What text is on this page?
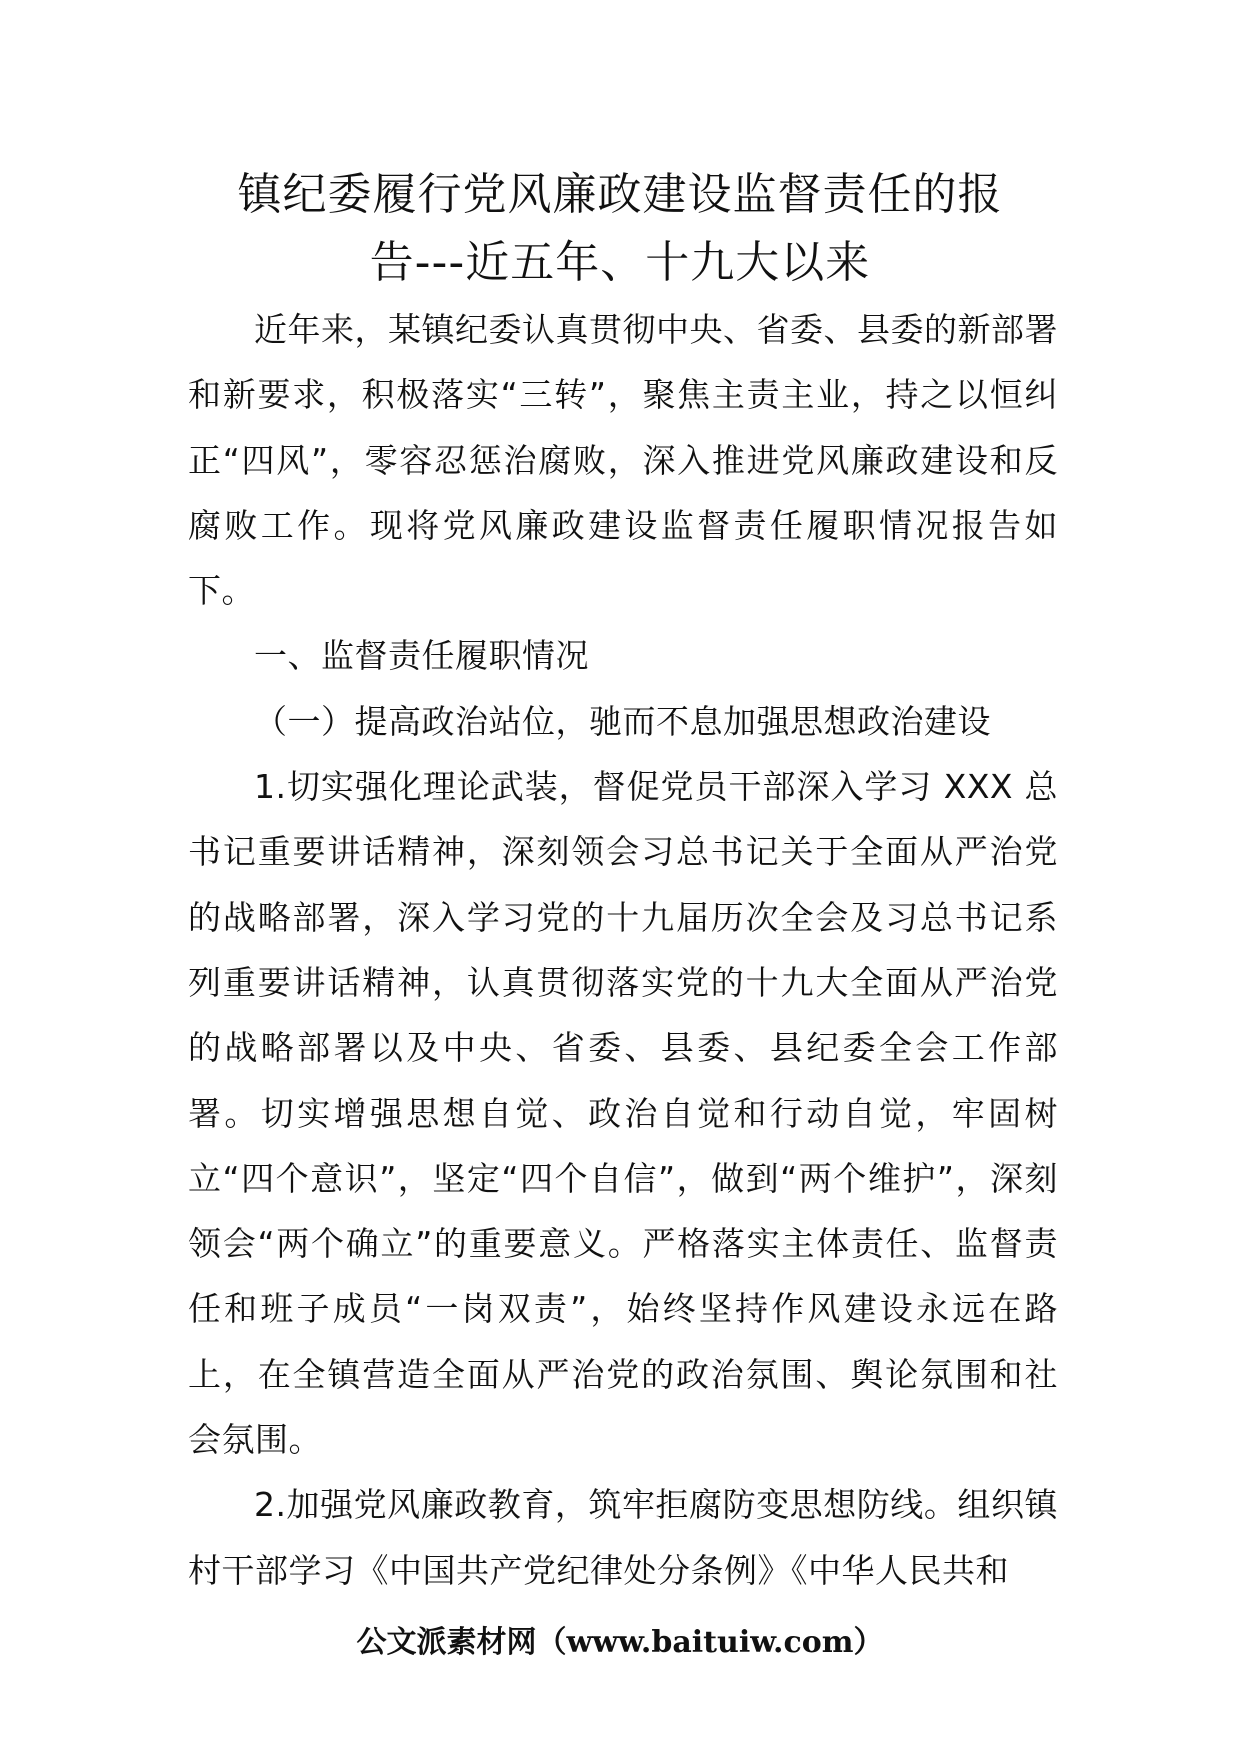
镇纪委履行党风廉政建设监督责任的报
告---近五年、十九大以来

近年来，某镇纪委认真贯彻中央、省委、县委的新部署和新要求，积极落实“三转”，聚焦主责主业，持之以恒纠正“四风”，零容忍惩治腐败，深入推进党风廉政建设和反腐败工作。现将党风廉政建设监督责任履职情况报告如下。

一、监督责任履职情况

（一）提高政治站位，驰而不息加强思想政治建设

1.切实强化理论武装，督促党员干部深入学习 XXX 总书记重要讲话精神，深刻领会习总书记关于全面从严治党的战略部署，深入学习党的十九届历次全会及习总书记系列重要讲话精神，认真贯彻落实党的十九大全面从严治党的战略部署以及中央、省委、县委、县纪委全会工作部署。切实增强思想自觉、政治自觉和行动自觉，牢固树立“四个意识”，坚定“四个自信”，做到“两个维护”，深刻领会“两个确立”的重要意义。严格落实主体责任、监督责任和班子成员“一岗双责”，始终坚持作风建设永远在路上，在全镇营造全面从严治党的政治氛围、舆论氛围和社会氛围。

2.加强党风廉政教育，筑牢拒腐防变思想防线。组织镇村干部学习《中国共产党纪律处分条例》《中华人民共和

公文派素材网（www.baituiw.com）
